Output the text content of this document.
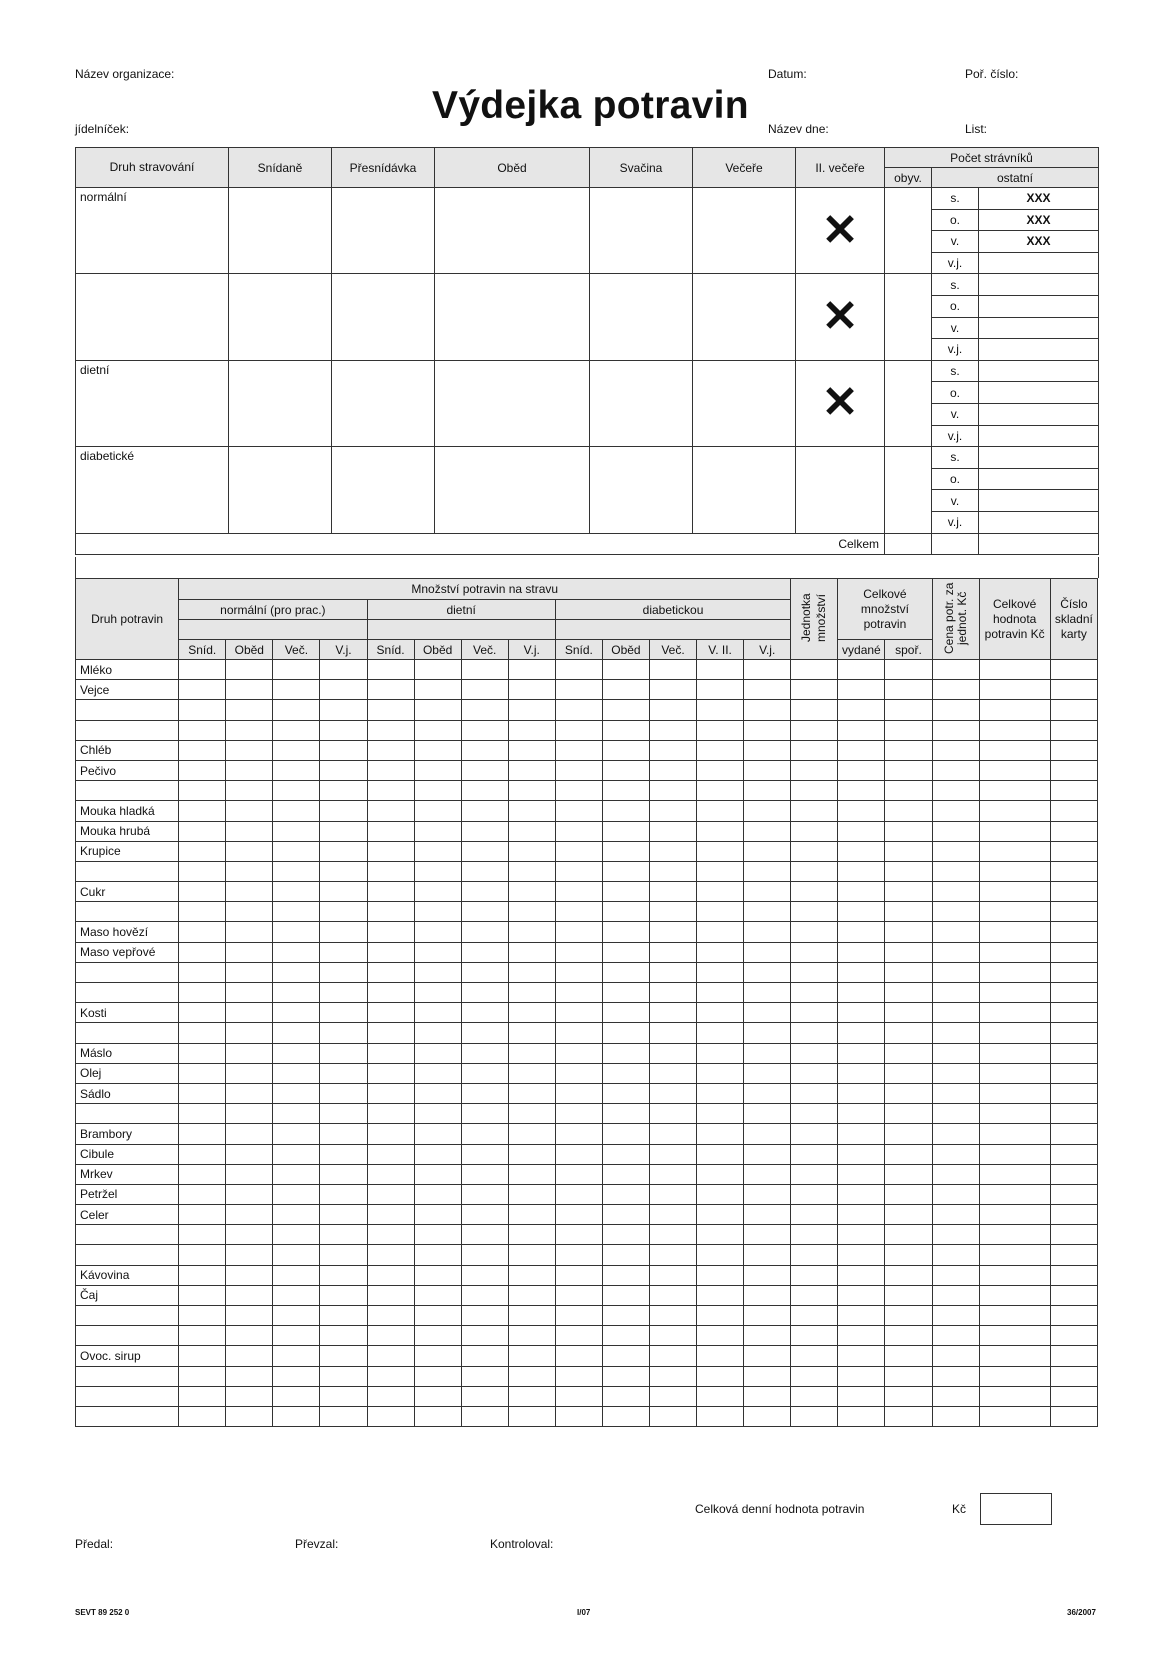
Název organizace:	Datum:	Poř. číslo:
Výdejka potravin
jídelníček:	Název dne:	List:
Druh stravování	Snídaně	Přesnídávka	Oběd	Svačina	Večeře	II. večeře	Počet strávníků		
							obyv.	ostatní	
normální						✕		s.	XXX
								o.	XXX
								v.	XXX
								v.j.	
						✕		s.	
								o.	
								v.	
								v.j.	
dietní						✕		s.	
								o.	
								v.	
								v.j.	
diabetické								s.	
								o.	
								v.	
								v.j.	
Celkem									
Druh potravin	Množství potravin na stravu													Jednotka množství	Celkové množství potravin		Cena potr. za jednot. Kč	Celkové hodnota potravin Kč	Číslo skladní karty
	normální (pro prac.)				dietní				diabetickou										

	Sníd.	Oběd	Več.	V.j.	Sníd.	Oběd	Več.	V.j.	Sníd.	Oběd	Več.	V. II.	V.j.		vydané	spoř.			
Mléko																			
Vejce																			

Chléb																			
Pečivo																			

Mouka hladká																			
Mouka hrubá																			
Krupice																			

Cukr																			

Maso hovězí																			
Maso vepřové																			

Kosti																			

Máslo																			
Olej																			
Sádlo																			

Brambory																			
Cibule																			
Mrkev																			
Petržel																			
Celer																			

Kávovina																			
Čaj																			

Ovoc. sirup																			

Celková denní hodnota potravin	Kč
Předal:	Převzal:	Kontroloval:
SEVT 89 252 0	I/07	36/2007
